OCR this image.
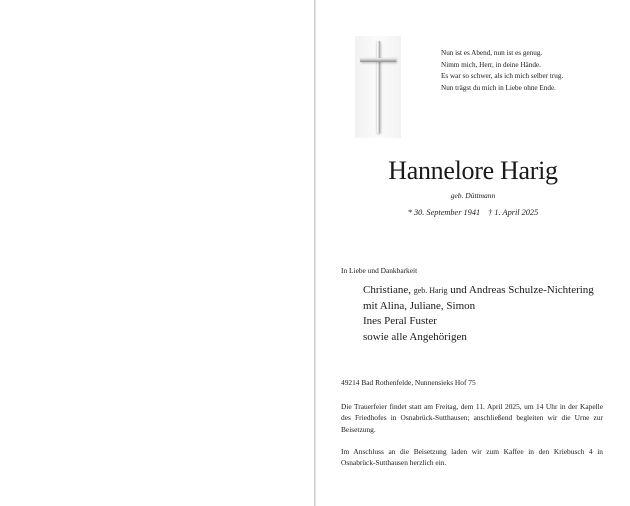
Nun ist es Abend, nun ist es genug.
Nimm mich, Herr, in deine Hände.
Es war so schwer, als ich mich selber trug.
Nun trägst du mich in Liebe ohne Ende.
Hannelore Harig
geb. Düttmann
* 30. September 1941 † 1. April 2025
In Liebe und Dankbarkeit
Christiane, geb. Harig und Andreas Schulze-Nichtering
mit Alina, Juliane, Simon
Ines Peral Fuster
sowie alle Angehörigen
49214 Bad Rothenfelde, Nunnensieks Hof 75
Die Trauerfeier findet statt am Freitag, dem 11. April 2025, um 14 Uhr in der Kapelle des Friedhofes in Osnabrück-Sutthausen; anschließend begleiten wir die Urne zur Beisetzung.
Im Anschluss an die Beisetzung laden wir zum Kaffee in den Kriebusch 4 in Osnabrück-Sutthausen herzlich ein.
